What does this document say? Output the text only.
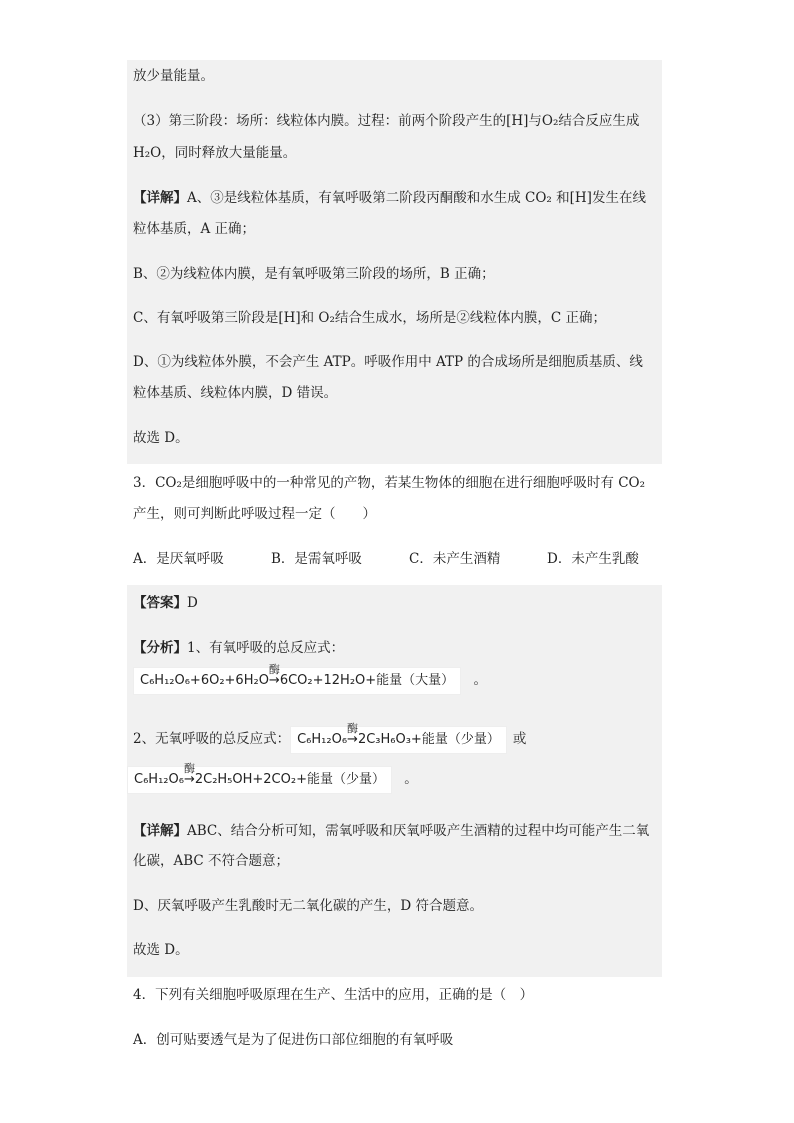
放少量能量。
（3）第三阶段：场所：线粒体内膜。过程：前两个阶段产生的[H]与O₂结合反应生成
H₂O，同时释放大量能量。
【详解】A、③是线粒体基质，有氧呼吸第二阶段丙酮酸和水生成 CO₂ 和[H]发生在线
粒体基质，A 正确；
B、②为线粒体内膜，是有氧呼吸第三阶段的场所，B 正确；
C、有氧呼吸第三阶段是[H]和 O₂结合生成水，场所是②线粒体内膜，C 正确；
D、①为线粒体外膜，不会产生 ATP。呼吸作用中 ATP 的合成场所是细胞质基质、线
粒体基质、线粒体内膜，D 错误。
故选 D。
3．CO₂是细胞呼吸中的一种常见的产物，若某生物体的细胞在进行细胞呼吸时有 CO₂
产生，则可判断此呼吸过程一定（　　）
A．是厌氧呼吸	B．是需氧呼吸	C．未产生酒精	D．未产生乳酸
【答案】D
【分析】1、有氧呼吸的总反应式：
C₆H₁₂O₆+6O₂+6H₂O
酶
→6CO₂+12H₂O+能量（大量） 。
2、无氧呼吸的总反应式： C₆H₁₂O₆
酶
→2C₃H₆O₃+能量（少量） 或
C₆H₁₂O₆
酶
→2C₂H₅OH+2CO₂+能量（少量） 。
【详解】ABC、结合分析可知，需氧呼吸和厌氧呼吸产生酒精的过程中均可能产生二氧
化碳，ABC 不符合题意；
D、厌氧呼吸产生乳酸时无二氧化碳的产生，D 符合题意。
故选 D。
4．下列有关细胞呼吸原理在生产、生活中的应用，正确的是（　）
A．创可贴要透气是为了促进伤口部位细胞的有氧呼吸
